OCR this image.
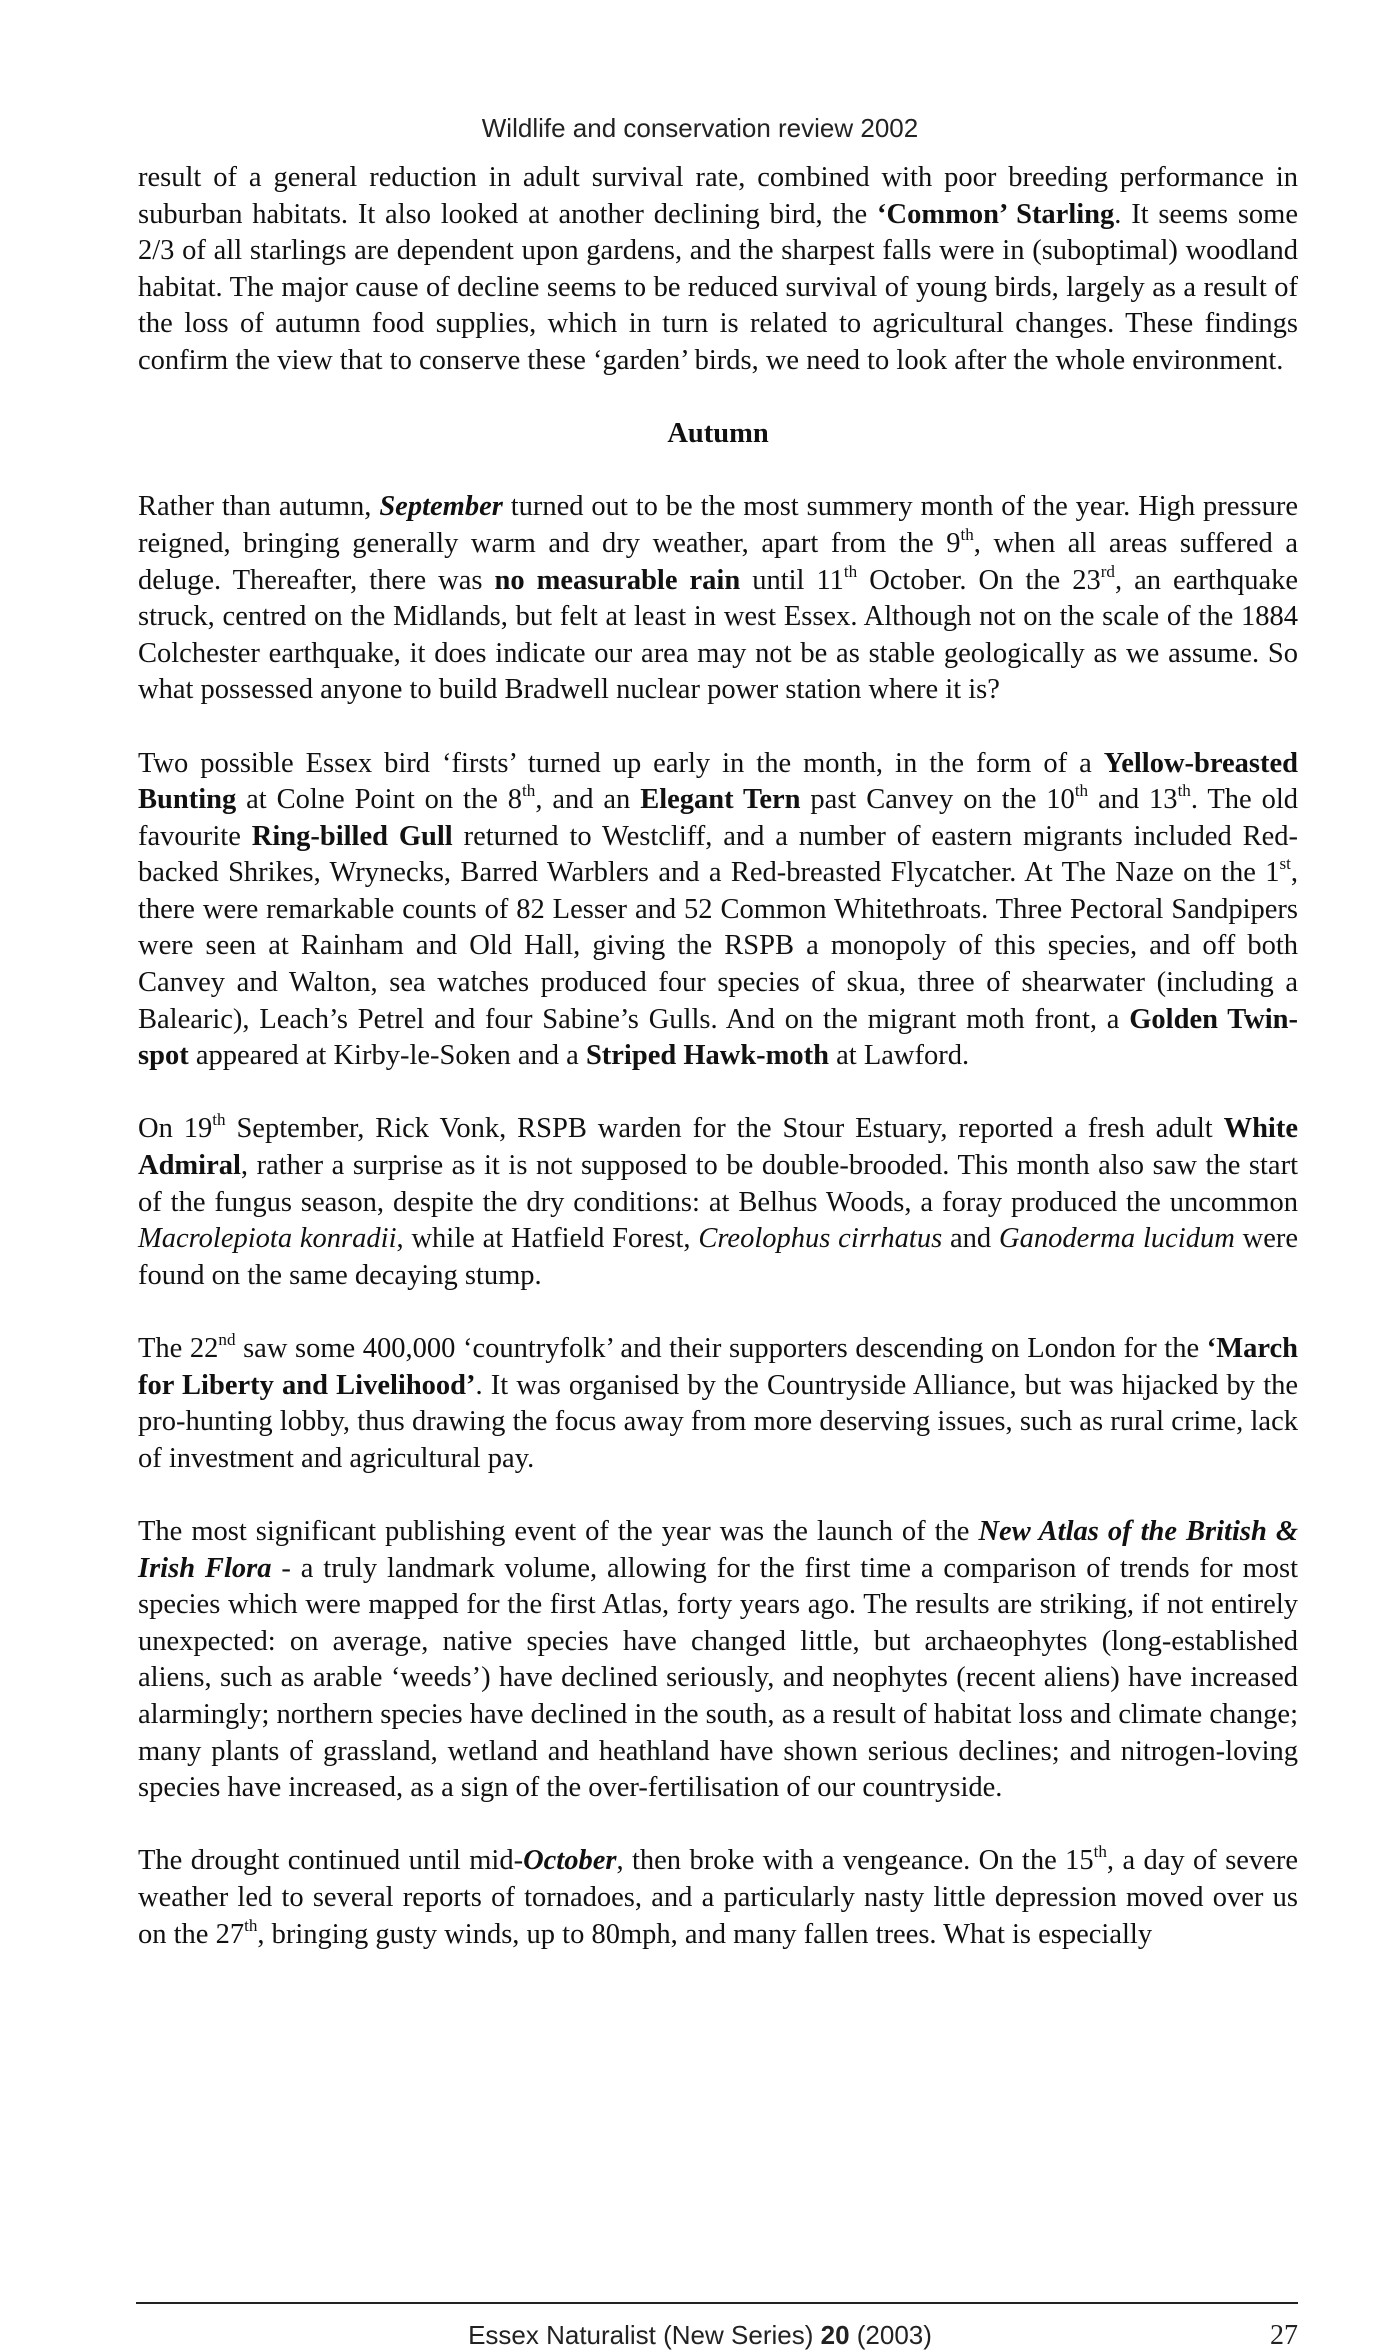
Wildlife and conservation review 2002

result of a general reduction in adult survival rate, combined with poor breeding performance in suburban habitats. It also looked at another declining bird, the ‘Common’ Starling. It seems some 2/3 of all starlings are dependent upon gardens, and the sharpest falls were in (suboptimal) woodland habitat. The major cause of decline seems to be reduced survival of young birds, largely as a result of the loss of autumn food supplies, which in turn is related to agricultural changes. These findings confirm the view that to conserve these ‘garden’ birds, we need to look after the whole environment.

Autumn

Rather than autumn, September turned out to be the most summery month of the year. High pressure reigned, bringing generally warm and dry weather, apart from the 9th, when all areas suffered a deluge. Thereafter, there was no measurable rain until 11th October. On the 23rd, an earthquake struck, centred on the Midlands, but felt at least in west Essex. Although not on the scale of the 1884 Colchester earthquake, it does indicate our area may not be as stable geologically as we assume. So what possessed anyone to build Bradwell nuclear power station where it is?

Two possible Essex bird ‘firsts’ turned up early in the month, in the form of a Yellow-breasted Bunting at Colne Point on the 8th, and an Elegant Tern past Canvey on the 10th and 13th. The old favourite Ring-billed Gull returned to Westcliff, and a number of eastern migrants included Red-backed Shrikes, Wrynecks, Barred Warblers and a Red-breasted Flycatcher. At The Naze on the 1st, there were remarkable counts of 82 Lesser and 52 Common Whitethroats. Three Pectoral Sandpipers were seen at Rainham and Old Hall, giving the RSPB a monopoly of this species, and off both Canvey and Walton, sea watches produced four species of skua, three of shearwater (including a Balearic), Leach’s Petrel and four Sabine’s Gulls. And on the migrant moth front, a Golden Twin-spot appeared at Kirby-le-Soken and a Striped Hawk-moth at Lawford.

On 19th September, Rick Vonk, RSPB warden for the Stour Estuary, reported a fresh adult White Admiral, rather a surprise as it is not supposed to be double-brooded. This month also saw the start of the fungus season, despite the dry conditions: at Belhus Woods, a foray produced the uncommon Macrolepiota konradii, while at Hatfield Forest, Creolophus cirrhatus and Ganoderma lucidum were found on the same decaying stump.

The 22nd saw some 400,000 ‘countryfolk’ and their supporters descending on London for the ‘March for Liberty and Livelihood’. It was organised by the Countryside Alliance, but was hijacked by the pro-hunting lobby, thus drawing the focus away from more deserving issues, such as rural crime, lack of investment and agricultural pay.

The most significant publishing event of the year was the launch of the New Atlas of the British & Irish Flora - a truly landmark volume, allowing for the first time a comparison of trends for most species which were mapped for the first Atlas, forty years ago. The results are striking, if not entirely unexpected: on average, native species have changed little, but archaeophytes (long-established aliens, such as arable ‘weeds’) have declined seriously, and neophytes (recent aliens) have increased alarmingly; northern species have declined in the south, as a result of habitat loss and climate change; many plants of grassland, wetland and heathland have shown serious declines; and nitrogen-loving species have increased, as a sign of the over-fertilisation of our countryside.

The drought continued until mid-October, then broke with a vengeance. On the 15th, a day of severe weather led to several reports of tornadoes, and a particularly nasty little depression moved over us on the 27th, bringing gusty winds, up to 80mph, and many fallen trees. What is especially

Essex Naturalist (New Series) 20 (2003)	27
